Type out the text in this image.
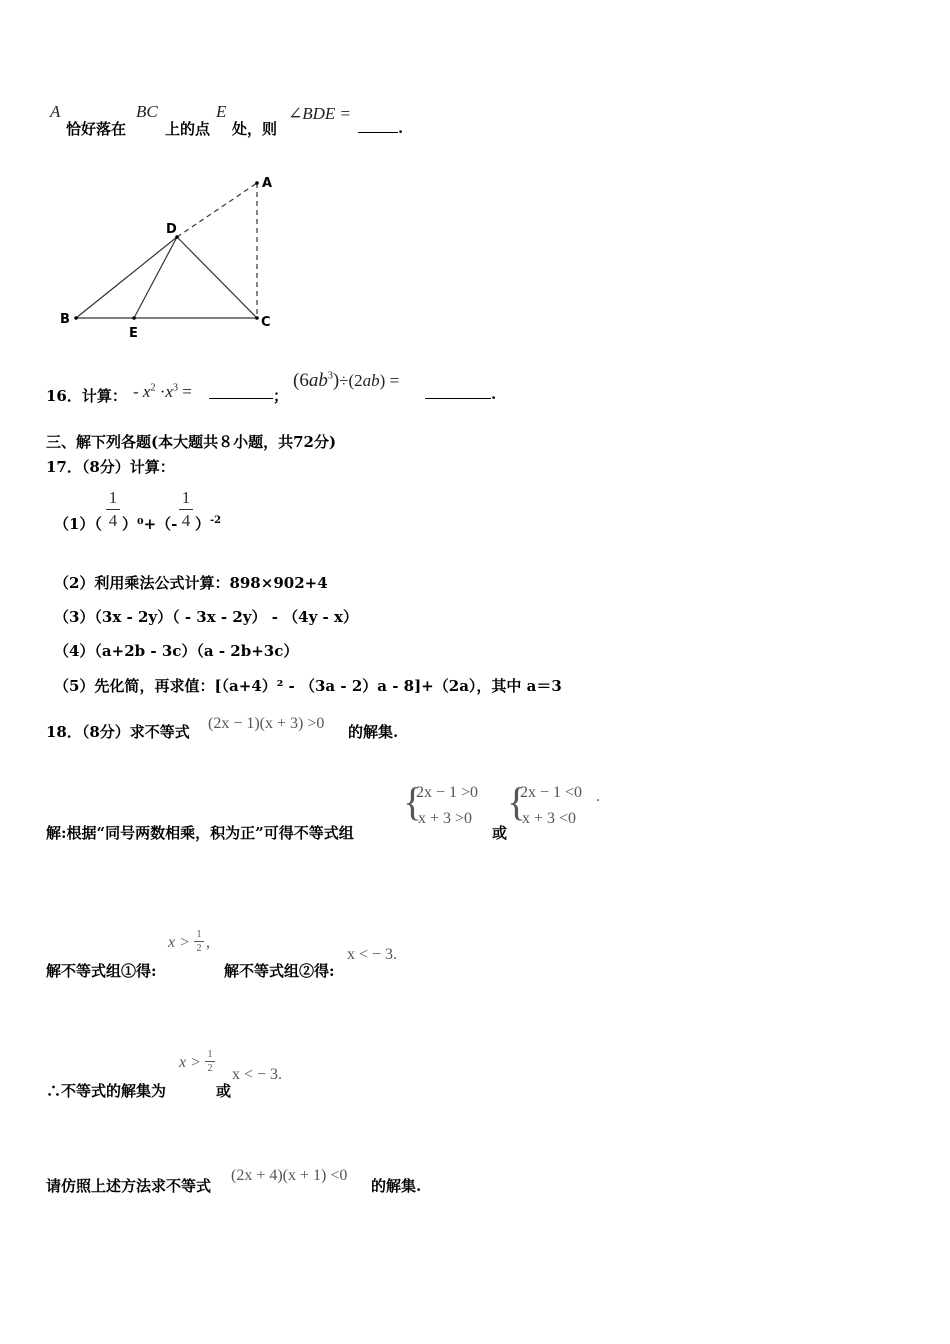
A
恰好落在
BC
上的点
E
处，则
∠BDE =
.
A
B	C
D
E
16．计算： - $x^2 \cdot x^3$ =	；
$(6ab^3)\div(2ab)$ =
.
三、解下列各题(本大题共８小题，共72分)
17．（8分）计算：
（1）（
1
4 ）⁰+（-
1
4 ）$^{-2}$
（2）利用乘法公式计算：898×902+4
（3）（3x - 2y）（ - 3x - 2y） - （4y - x）
（4）（a+2b - 3c）（a - 2b+3c）
（5）先化简，再求值：[（a+4）² - （3a - 2）a - 8]+（2a），其中 a＝3
18．（8分）求不等式 (2x − 1)(x + 3) >0 的解集.
解:根据“同号两数相乘，积为正”可得不等式组
{
2x − 1 >0
x + 3 >0
或
{
2x − 1 <0
x + 3 <0
.
解不等式组①得:
x > 1
2 ,
解不等式组②得:
x < − 3.
∴不等式的解集为
x > 1
2
或
x < − 3.
请仿照上述方法求不等式
(2x + 4)(x + 1) <0
的解集.
